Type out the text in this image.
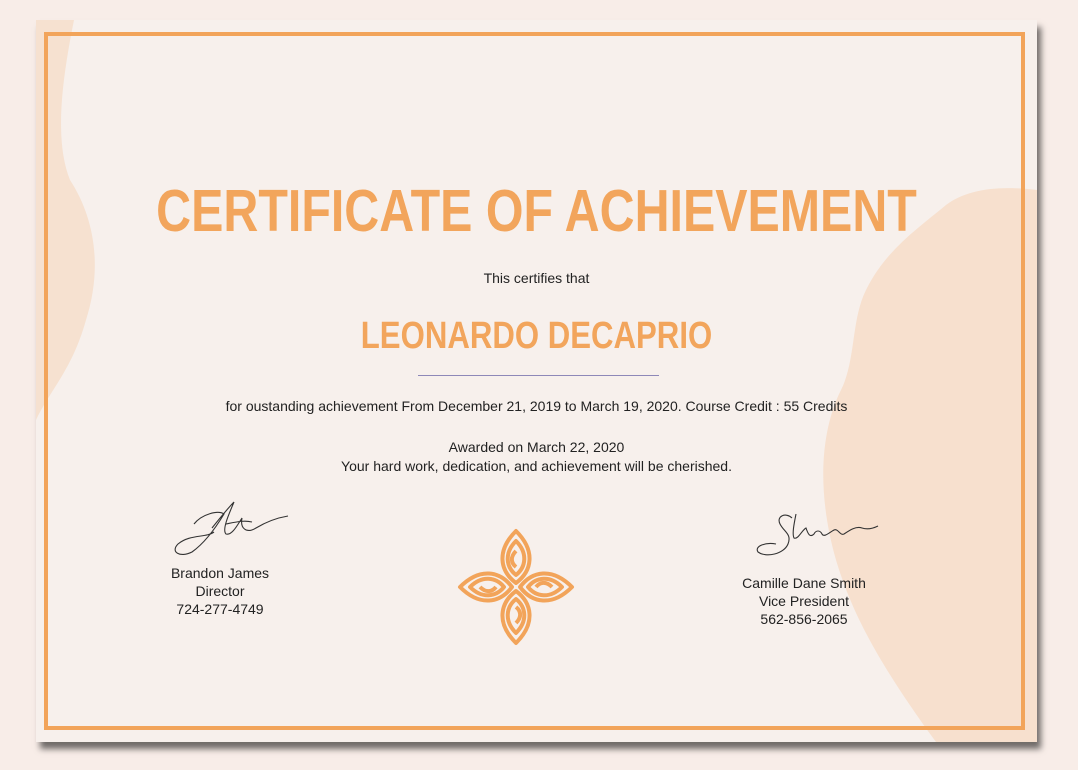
CERTIFICATE OF ACHIEVEMENT
This certifies that
LEONARDO DECAPRIO
for oustanding achievement From December 21, 2019 to March 19, 2020. Course Credit : 55 Credits
Awarded on March 22, 2020
Your hard work, dedication, and achievement will be cherished.
Brandon James
Director
724-277-4749
Camille Dane Smith
Vice President
562-856-2065
